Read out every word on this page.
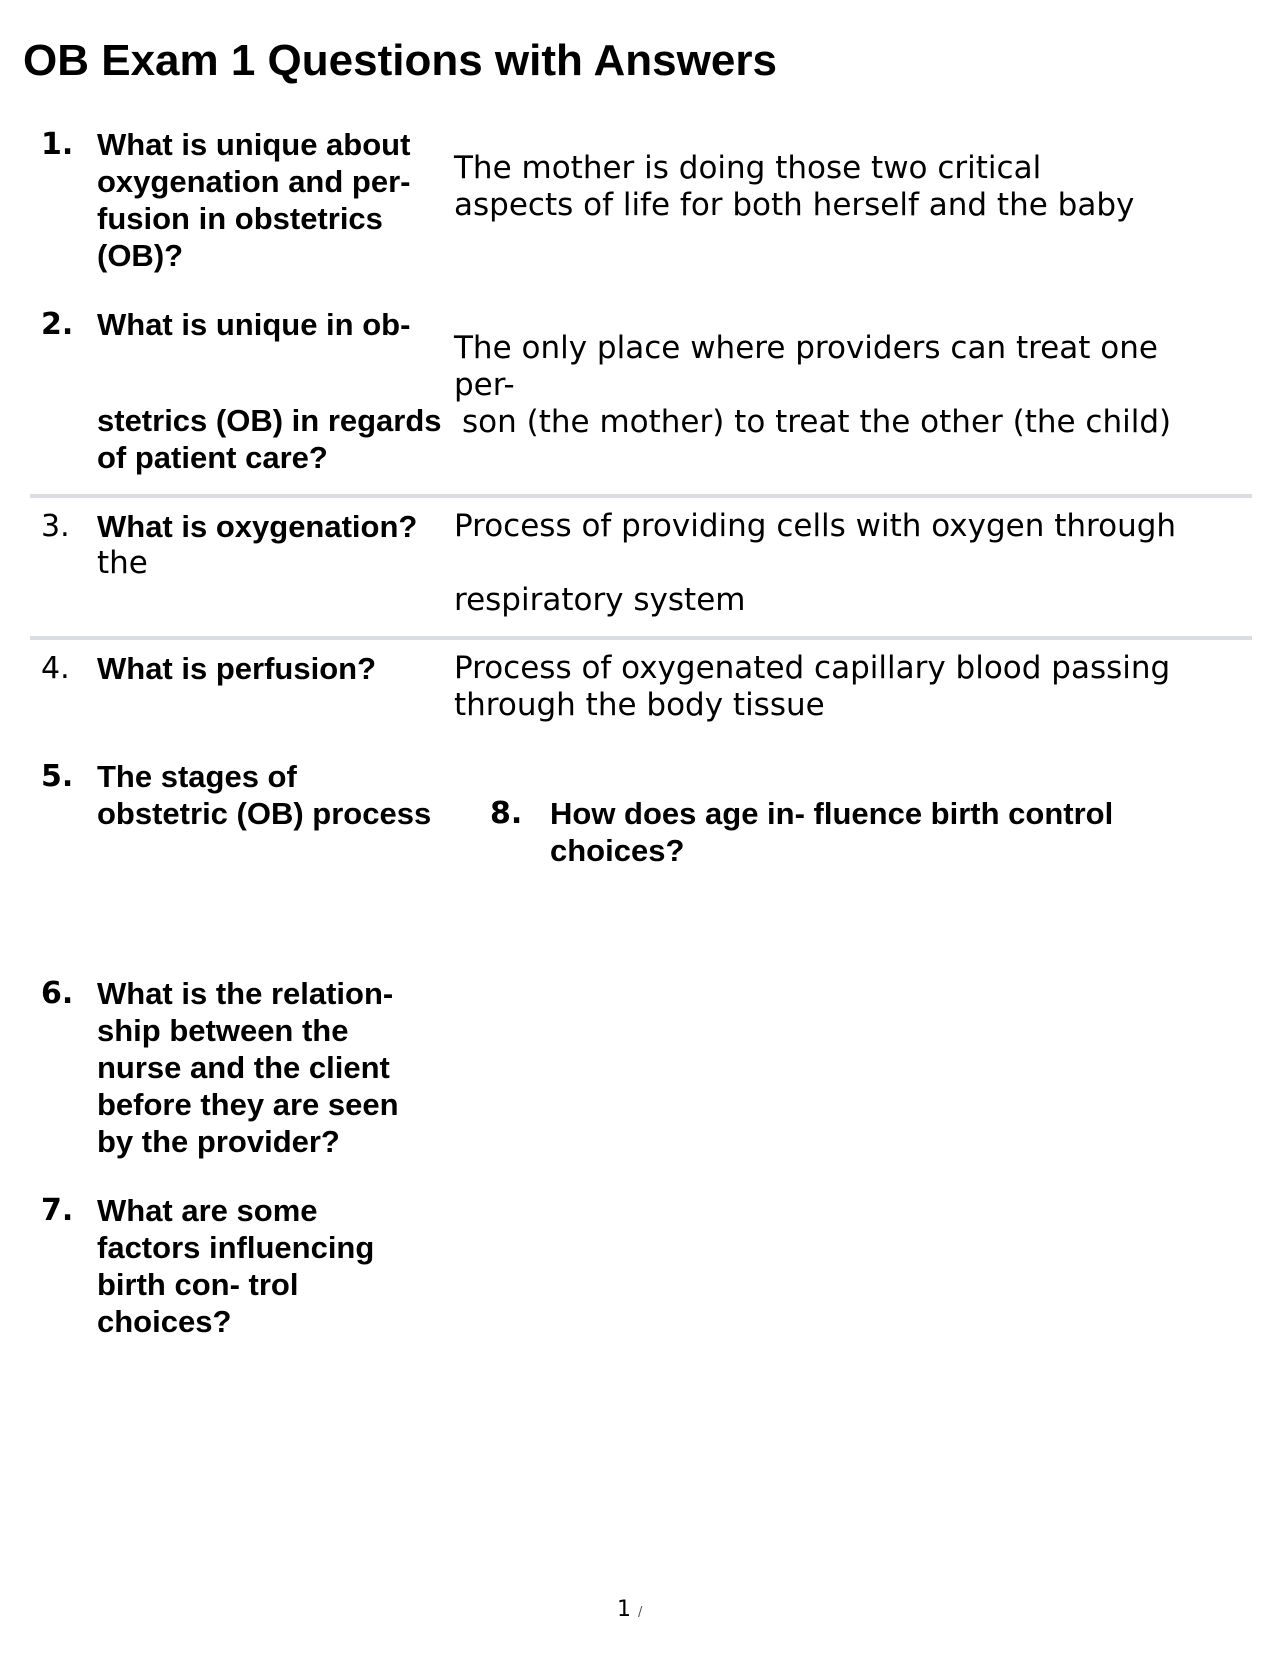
OB Exam 1 Questions with Answers
1. What is unique about
oxygenation and per-
fusion in obstetrics
(OB)?
The mother is doing those two critical
aspects of life for both herself and the baby
2. What is unique in ob-
stetrics (OB) in regards
of patient care?
The only place where providers can treat one
per-
son (the mother) to treat the other (the child)
3. What is oxygenation?
the
Process of providing cells with oxygen through
respiratory system
4. What is perfusion?	Process of oxygenated capillary blood passing
through the body tissue
5. The stages of
obstetric (OB) process 8. How does age in- fluence birth control
choices?
6. What is the relation-
ship between the
nurse and the client
before they are seen
by the provider?
7. What are some
factors influencing
birth con- trol
choices?
1 /
